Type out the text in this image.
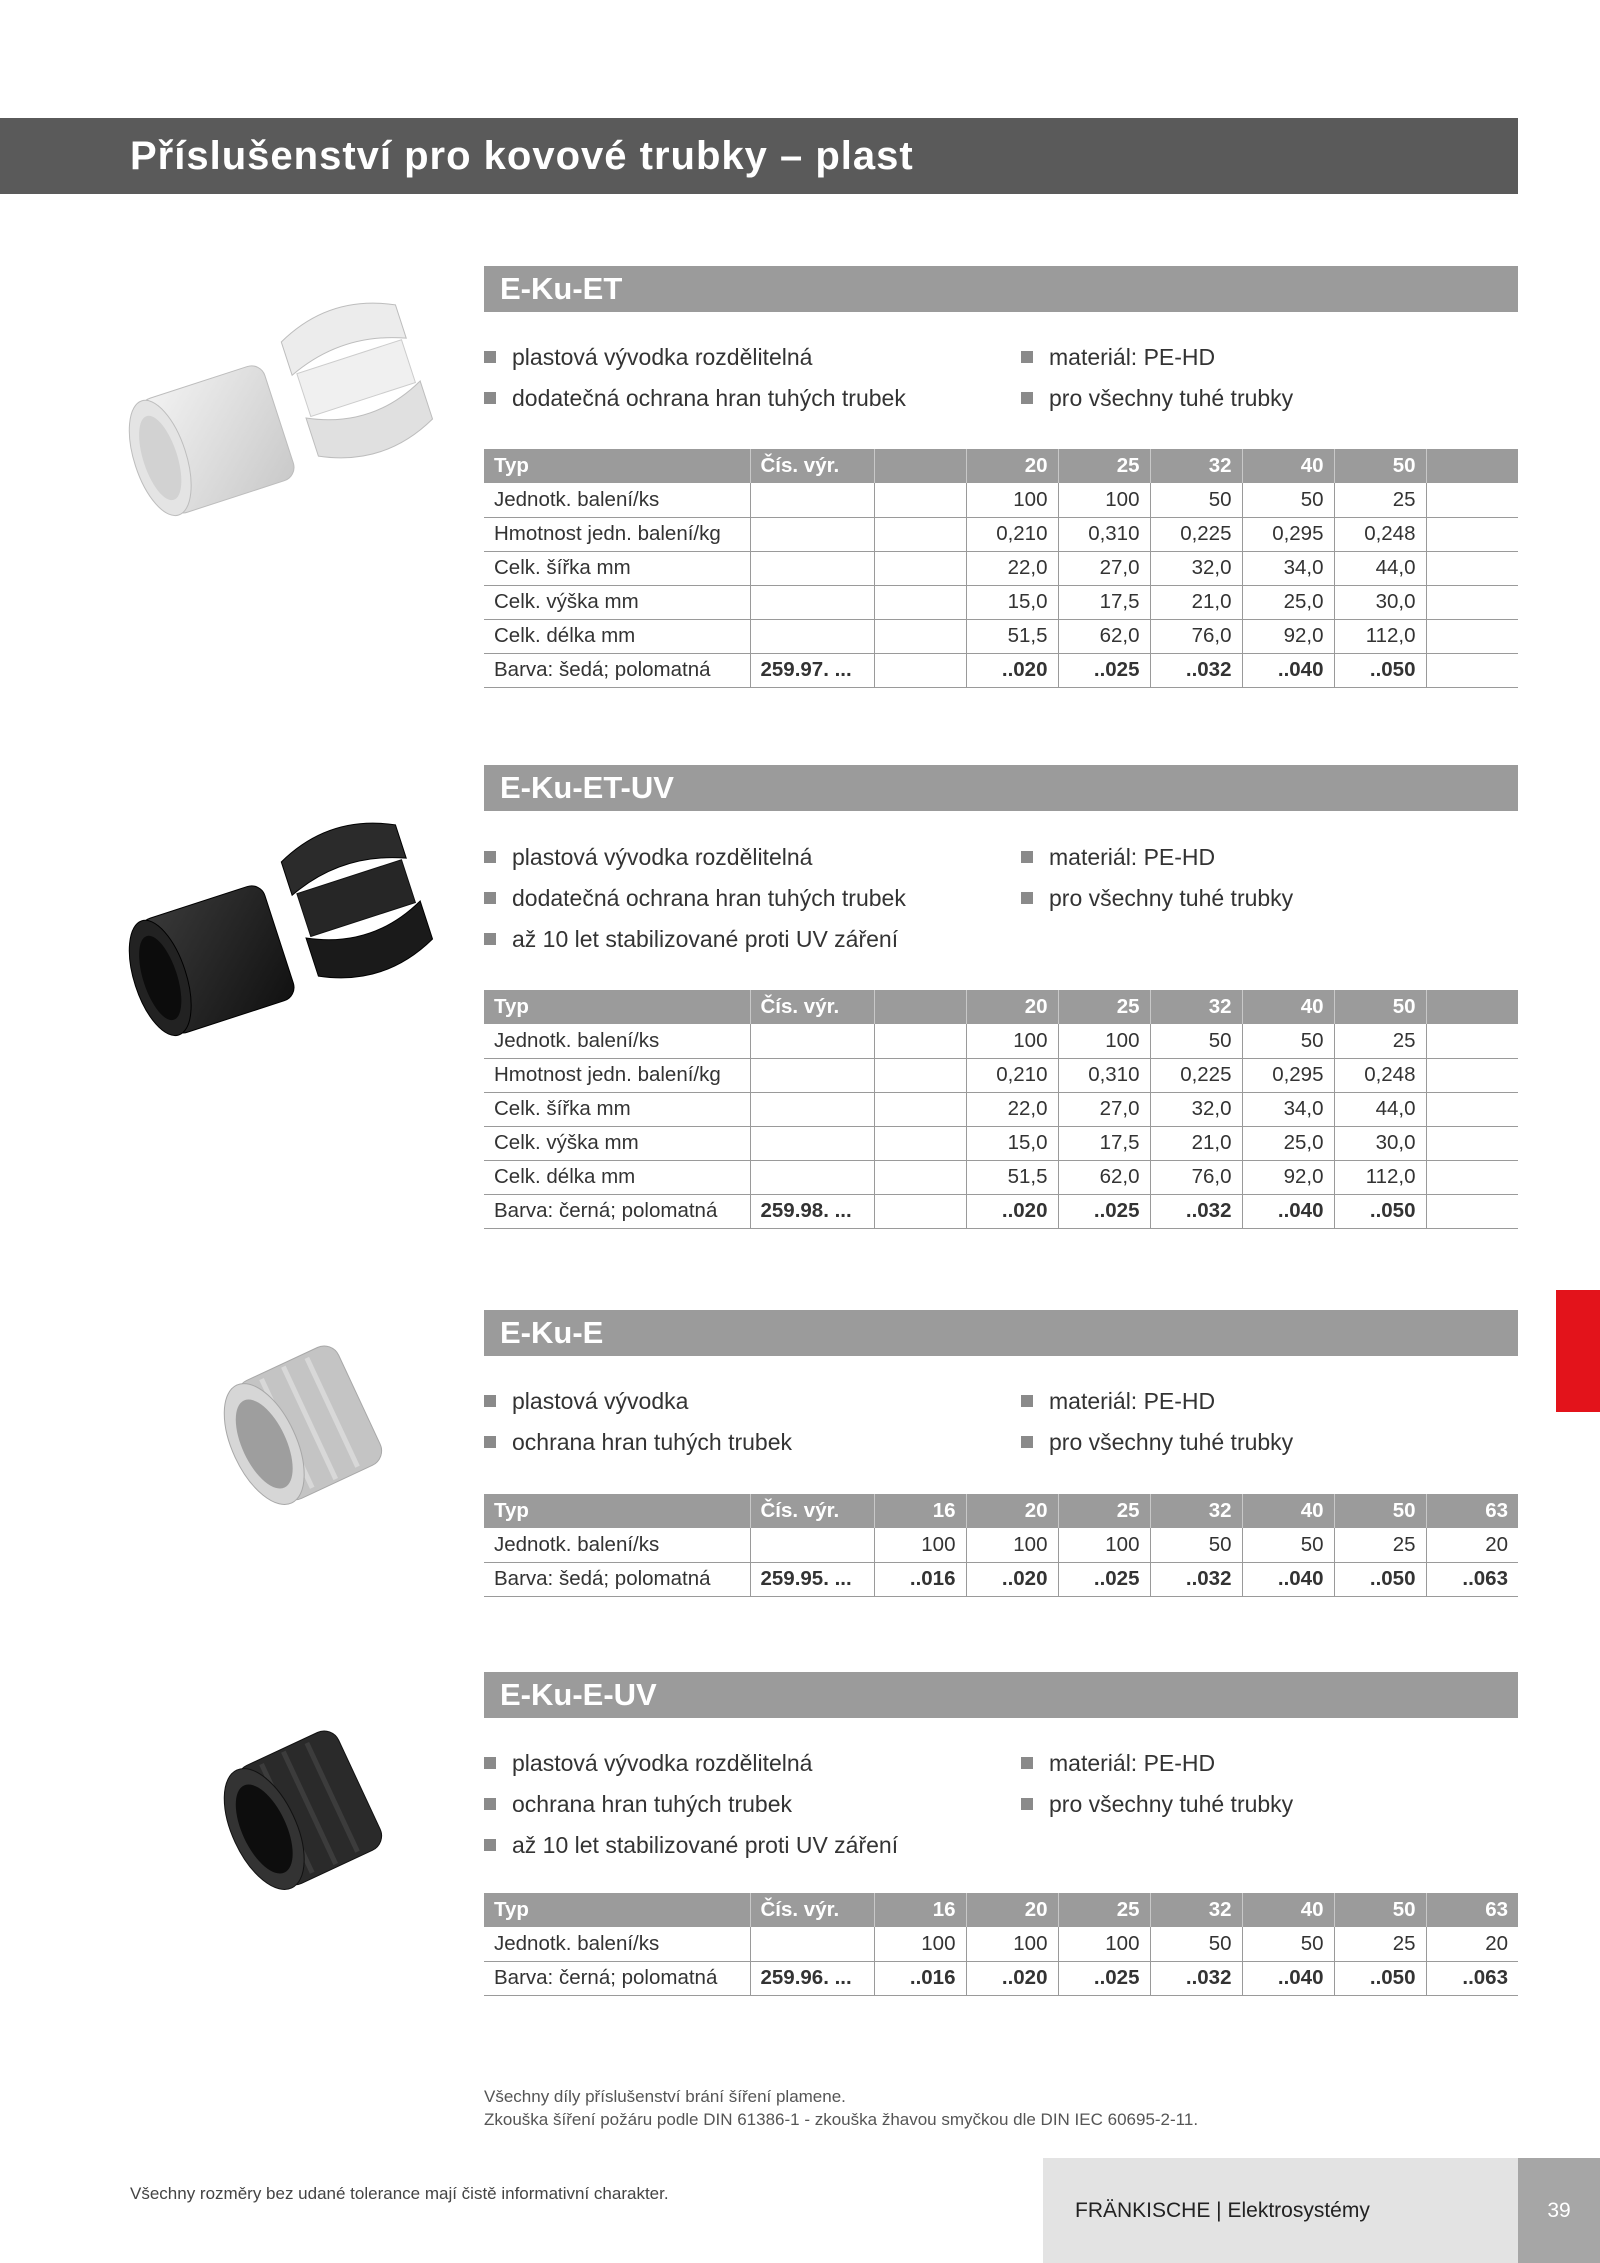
Příslušenství pro kovové trubky – plast
E-Ku-ET
plastová vývodka rozdělitelná
dodatečná ochrana hran tuhých trubek
materiál: PE-HD
pro všechny tuhé trubky
Typ	Čís. výr.		20	25	32	40	50	
Jednotk. balení/ks			100	100	50	50	25	
Hmotnost jedn. balení/kg			0,210	0,310	0,225	0,295	0,248	
Celk. šířka mm			22,0	27,0	32,0	34,0	44,0	
Celk. výška mm			15,0	17,5	21,0	25,0	30,0	
Celk. délka mm			51,5	62,0	76,0	92,0	112,0	
Barva: šedá; polomatná	259.97. ...		..020	..025	..032	..040	..050	
E-Ku-ET-UV
plastová vývodka rozdělitelná
dodatečná ochrana hran tuhých trubek
až 10 let stabilizované proti UV záření
materiál: PE-HD
pro všechny tuhé trubky
Typ	Čís. výr.		20	25	32	40	50	
Jednotk. balení/ks			100	100	50	50	25	
Hmotnost jedn. balení/kg			0,210	0,310	0,225	0,295	0,248	
Celk. šířka mm			22,0	27,0	32,0	34,0	44,0	
Celk. výška mm			15,0	17,5	21,0	25,0	30,0	
Celk. délka mm			51,5	62,0	76,0	92,0	112,0	
Barva: černá; polomatná	259.98. ...		..020	..025	..032	..040	..050	
E-Ku-E
plastová vývodka
ochrana hran tuhých trubek
materiál: PE-HD
pro všechny tuhé trubky
Typ	Čís. výr.	16	20	25	32	40	50	63
Jednotk. balení/ks		100	100	100	50	50	25	20
Barva: šedá; polomatná	259.95. ...	..016	..020	..025	..032	..040	..050	..063
E-Ku-E-UV
plastová vývodka rozdělitelná
ochrana hran tuhých trubek
až 10 let stabilizované proti UV záření
materiál: PE-HD
pro všechny tuhé trubky
Typ	Čís. výr.	16	20	25	32	40	50	63
Jednotk. balení/ks		100	100	100	50	50	25	20
Barva: černá; polomatná	259.96. ...	..016	..020	..025	..032	..040	..050	..063
Všechny díly příslušenství brání šíření plamene.
Zkouška šíření požáru podle DIN 61386-1 - zkouška žhavou smyčkou dle DIN IEC 60695-2-11.
Všechny rozměry bez udané tolerance mají čistě informativní charakter.
FRÄNKISCHE | Elektrosystémy	39
